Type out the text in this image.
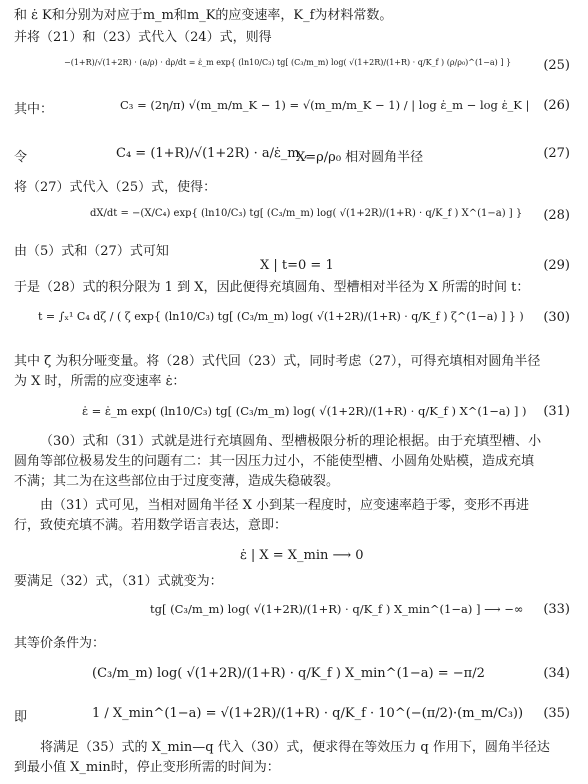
和 ε̇ K和分别为对应于m_m和m_K的应变速率，K_f为材料常数。
并将（21）和（23）式代入（24）式，则得
−(1+R)/√(1+2R) · (a/ρ) · dρ/dt = ε̇_m exp{ (ln10/C₃) tg[ (C₃/m_m) log( √(1+2R)/(1+R) · q/K_f ) (ρ/ρ₀)^(1−a) ] } (25)
其中：	C₃ = (2η/π) √(m_m/m_K − 1) = √(m_m/m_K − 1) / | log ε̇_m − log ε̇_K | (26)
令	C₄ = (1+R)/√(1+2R) · a/ε̇_m ,
X=ρ/ρ₀ 相对圆角半径	(27)
将（27）式代入（25）式，使得：
dX/dt = −(X/C₄) exp{ (ln10/C₃) tg[ (C₃/m_m) log( √(1+2R)/(1+R) · q/K_f ) X^(1−a) ] } (28)
由（5）式和（27）式可知
X | t=0 = 1	(29)
于是（28）式的积分限为 1 到 X，因此便得充填圆角、型槽相对半径为 X 所需的时间 t：
t = ∫ₓ¹ C₄ dζ / ( ζ exp{ (ln10/C₃) tg[ (C₃/m_m) log( √(1+2R)/(1+R) · q/K_f ) ζ^(1−a) ] } ) (30)
其中 ζ 为积分哑变量。将（28）式代回（23）式，同时考虑（27），可得充填相对圆角半径
为 X 时，所需的应变速率 ε̇：
ε̇ = ε̇_m exp( (ln10/C₃) tg[ (C₃/m_m) log( √(1+2R)/(1+R) · q/K_f ) X^(1−a) ] ) (31)
（30）式和（31）式就是进行充填圆角、型槽极限分析的理论根据。由于充填型槽、小
圆角等部位极易发生的问题有二：其一因压力过小，不能使型槽、小圆角处贴模，造成充填
不满；其二为在这些部位由于过度变薄，造成失稳破裂。
由（31）式可见，当相对圆角半径 X 小到某一程度时，应变速率趋于零，变形不再进
行，致使充填不满。若用数学语言表达，意即：
ε̇ | X = X_min ⟶ 0
要满足（32）式，（31）式就变为：
tg[ (C₃/m_m) log( √(1+2R)/(1+R) · q/K_f ) X_min^(1−a) ] ⟶ −∞ (33)
其等价条件为：
(C₃/m_m) log( √(1+2R)/(1+R) · q/K_f ) X_min^(1−a) = −π/2	(34)
即	1 / X_min^(1−a) = √(1+2R)/(1+R) · q/K_f · 10^(−(π/2)·(m_m/C₃)) (35)
将满足（35）式的 X_min—q 代入（30）式，便求得在等效压力 q 作用下，圆角半径达
到最小值 X_min时，停止变形所需的时间为：
